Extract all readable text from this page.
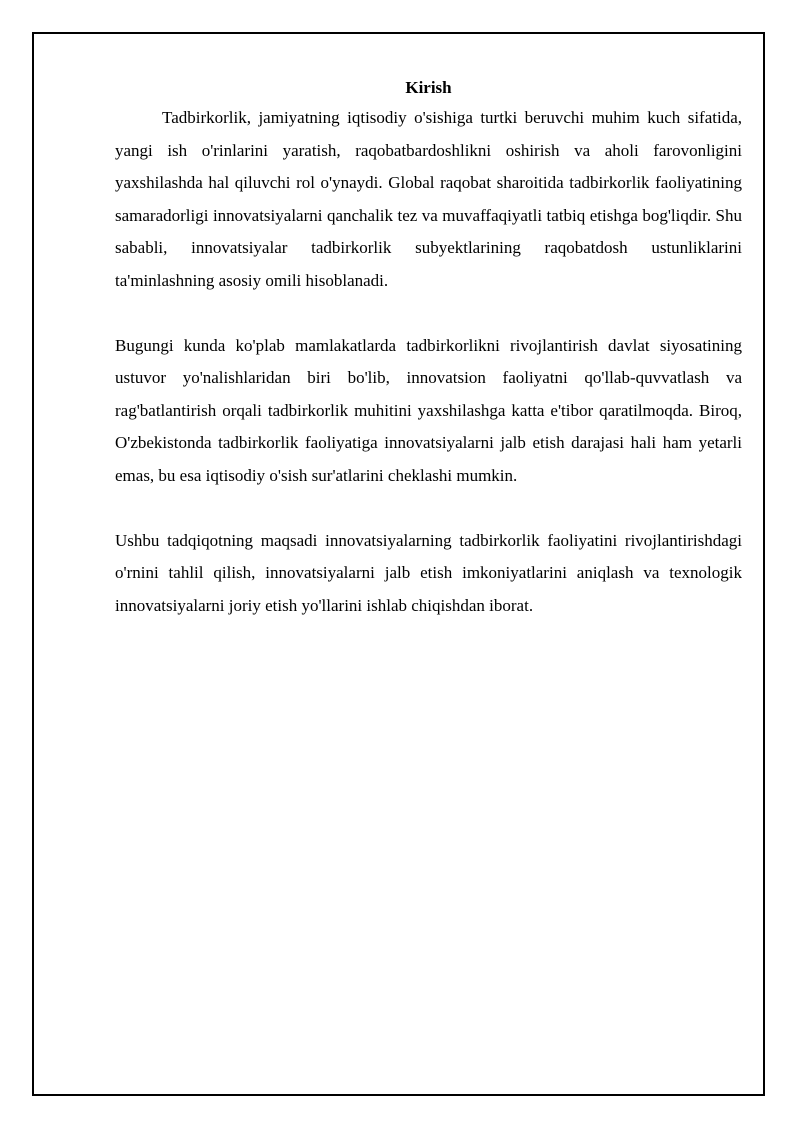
Kirish

Tadbirkorlik, jamiyatning iqtisodiy o'sishiga turtki beruvchi muhim kuch sifatida, yangi ish o'rinlarini yaratish, raqobatbardoshlikni oshirish va aholi farovonligini yaxshilashda hal qiluvchi rol o'ynaydi. Global raqobat sharoitida tadbirkorlik faoliyatining samaradorligi innovatsiyalarni qanchalik tez va muvaffaqiyatli tatbiq etishga bog'liqdir. Shu sababli, innovatsiyalar tadbirkorlik subyektlarining raqobatdosh ustunliklarini ta'minlashning asosiy omili hisoblanadi.

Bugungi kunda ko'plab mamlakatlarda tadbirkorlikni rivojlantirish davlat siyosatining ustuvor yo'nalishlaridan biri bo'lib, innovatsion faoliyatni qo'llab-quvvatlash va rag'batlantirish orqali tadbirkorlik muhitini yaxshilashga katta e'tibor qaratilmoqda. Biroq, O'zbekistonda tadbirkorlik faoliyatiga innovatsiyalarni jalb etish darajasi hali ham yetarli emas, bu esa iqtisodiy o'sish sur'atlarini cheklashi mumkin.

Ushbu tadqiqotning maqsadi innovatsiyalarning tadbirkorlik faoliyatini rivojlantirishdagi o'rnini tahlil qilish, innovatsiyalarni jalb etish imkoniyatlarini aniqlash va texnologik innovatsiyalarni joriy etish yo'llarini ishlab chiqishdan iborat.
